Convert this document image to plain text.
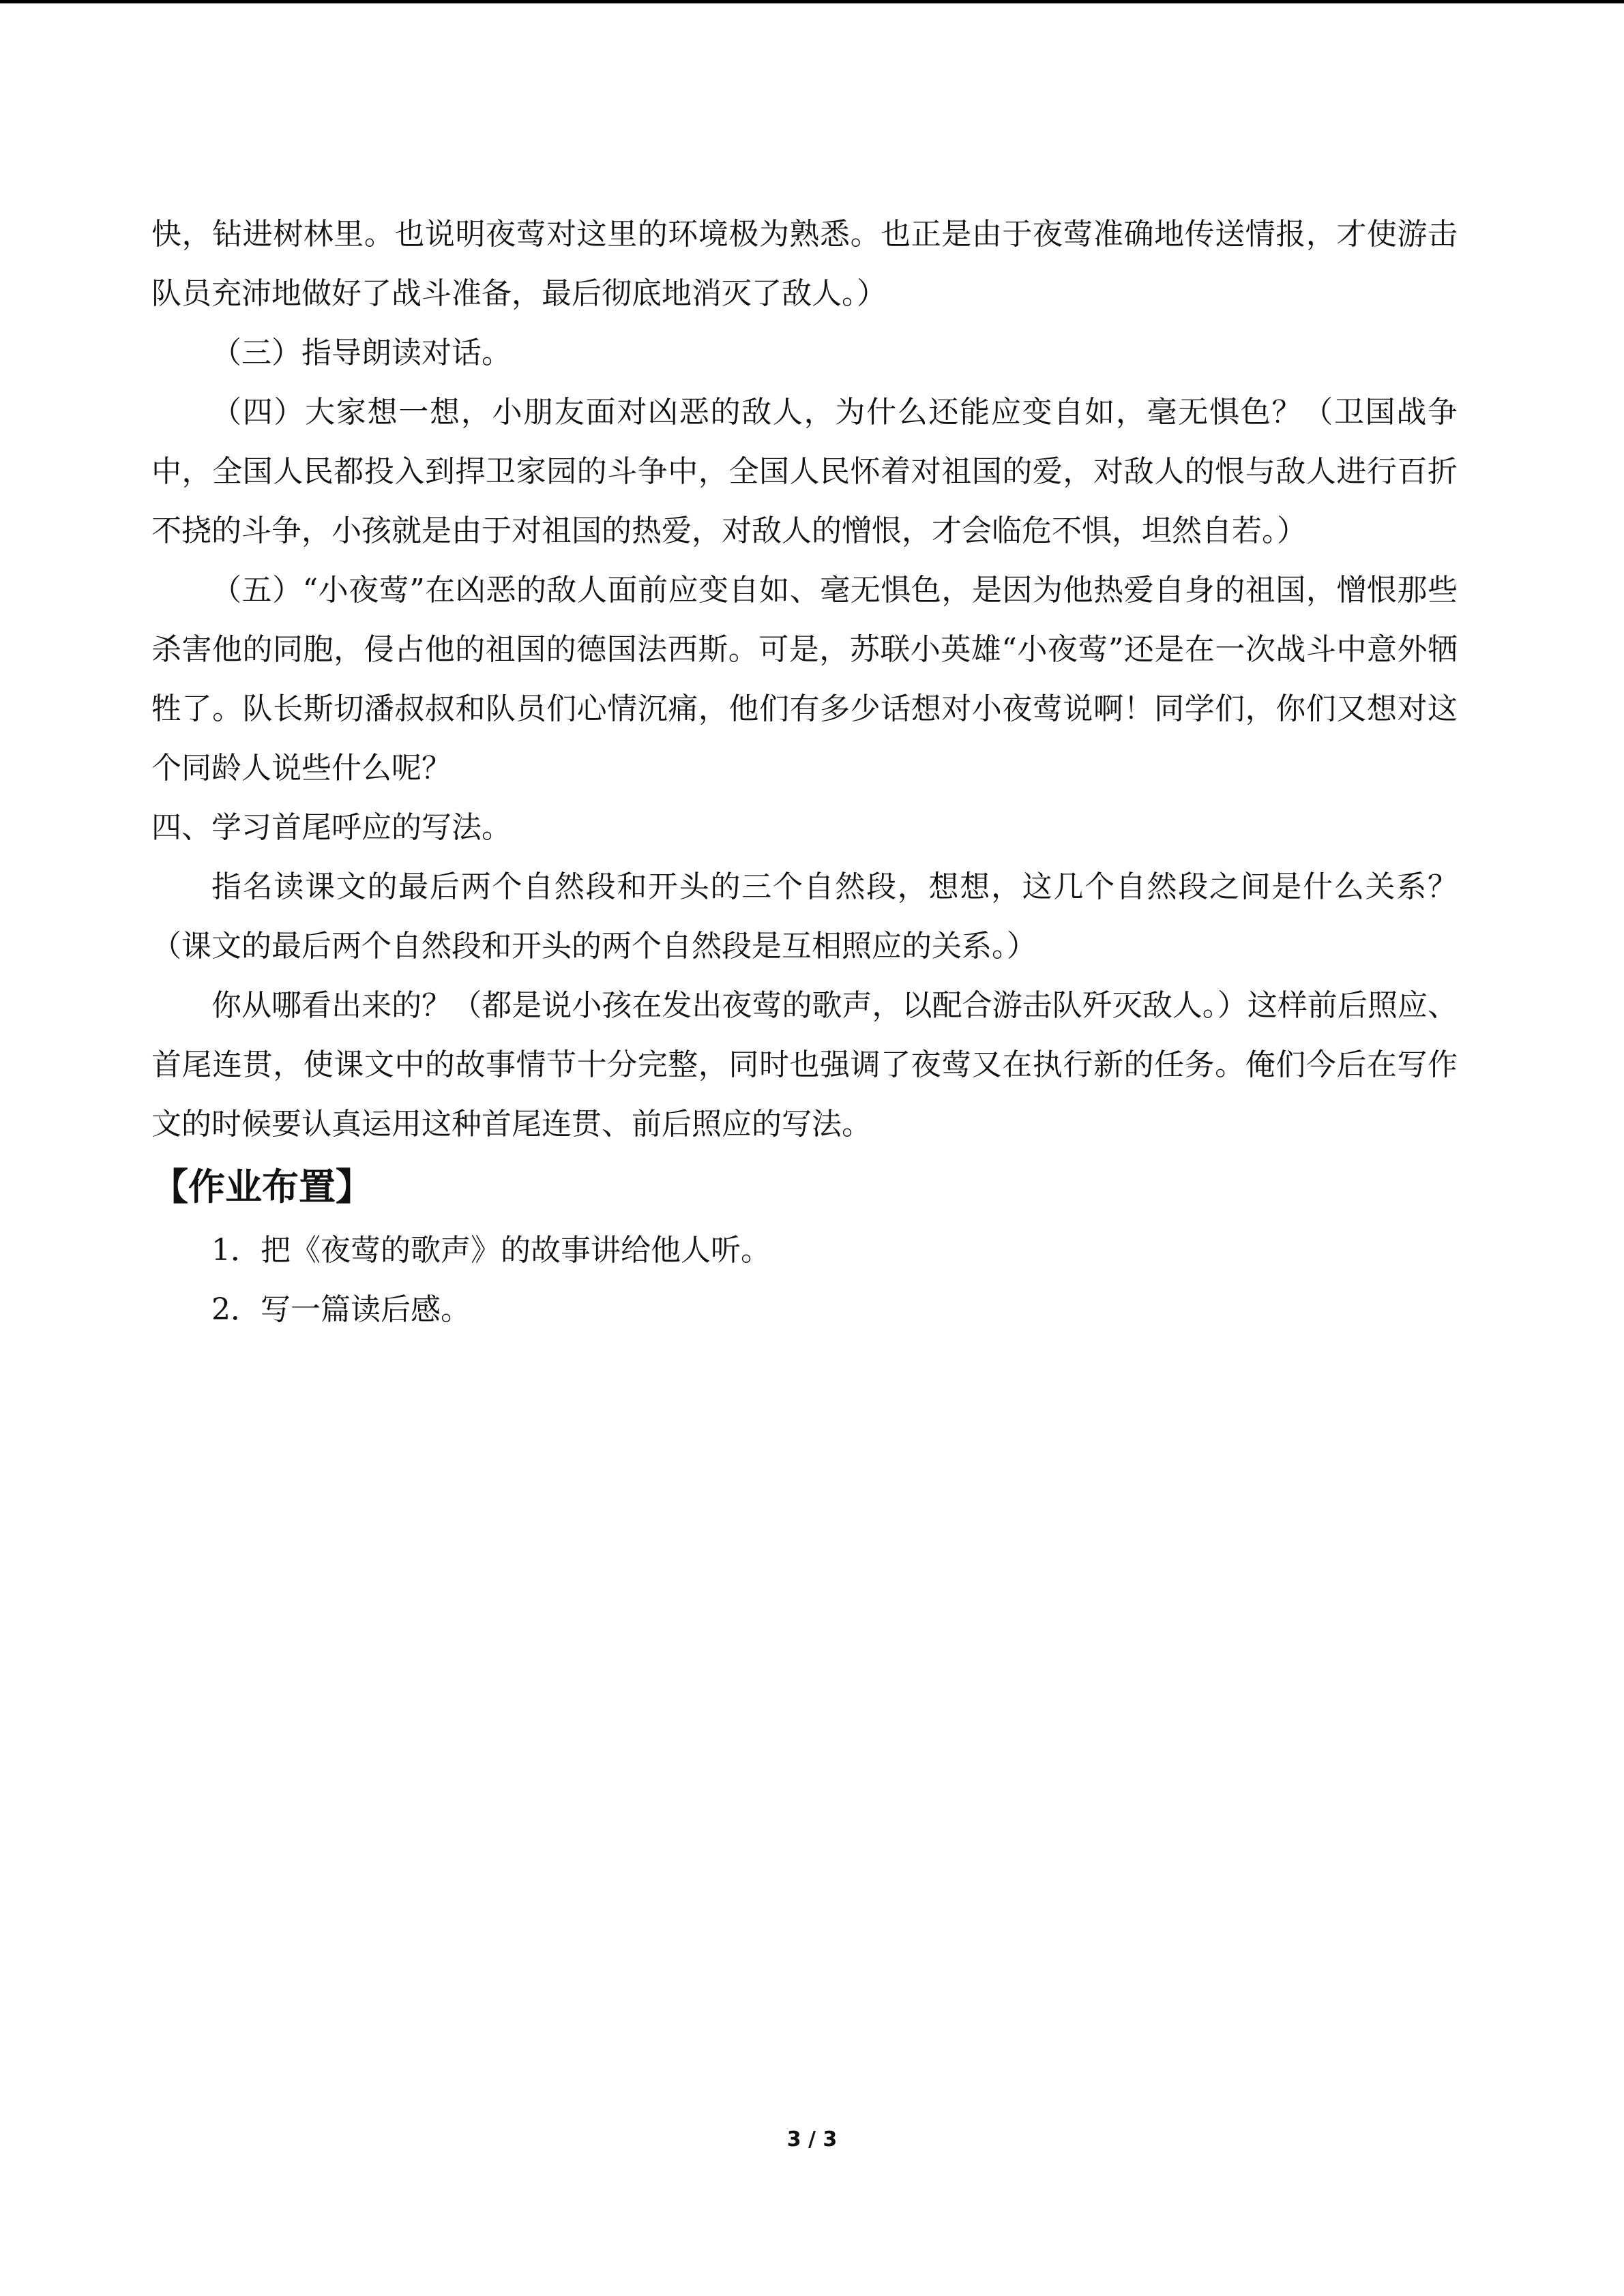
快，钻进树林里。也说明夜莺对这里的环境极为熟悉。也正是由于夜莺准确地传送情报，才使游击队员充沛地做好了战斗准备，最后彻底地消灭了敌人。）

（三）指导朗读对话。

（四）大家想一想，小朋友面对凶恶的敌人，为什么还能应变自如，毫无惧色？（卫国战争中，全国人民都投入到捍卫家园的斗争中，全国人民怀着对祖国的爱，对敌人的恨与敌人进行百折不挠的斗争，小孩就是由于对祖国的热爱，对敌人的憎恨，才会临危不惧，坦然自若。）

（五）“小夜莺”在凶恶的敌人面前应变自如、毫无惧色，是因为他热爱自身的祖国，憎恨那些杀害他的同胞，侵占他的祖国的德国法西斯。可是，苏联小英雄“小夜莺”还是在一次战斗中意外牺牲了。队长斯切潘叔叔和队员们心情沉痛，他们有多少话想对小夜莺说啊！同学们，你们又想对这个同龄人说些什么呢？

四、学习首尾呼应的写法。

指名读课文的最后两个自然段和开头的三个自然段，想想，这几个自然段之间是什么关系？（课文的最后两个自然段和开头的两个自然段是互相照应的关系。）

你从哪看出来的？（都是说小孩在发出夜莺的歌声，以配合游击队歼灭敌人。）这样前后照应、首尾连贯，使课文中的故事情节十分完整，同时也强调了夜莺又在执行新的任务。俺们今后在写作文的时候要认真运用这种首尾连贯、前后照应的写法。

【作业布置】
1．把《夜莺的歌声》的故事讲给他人听。
2．写一篇读后感。
3 / 3
